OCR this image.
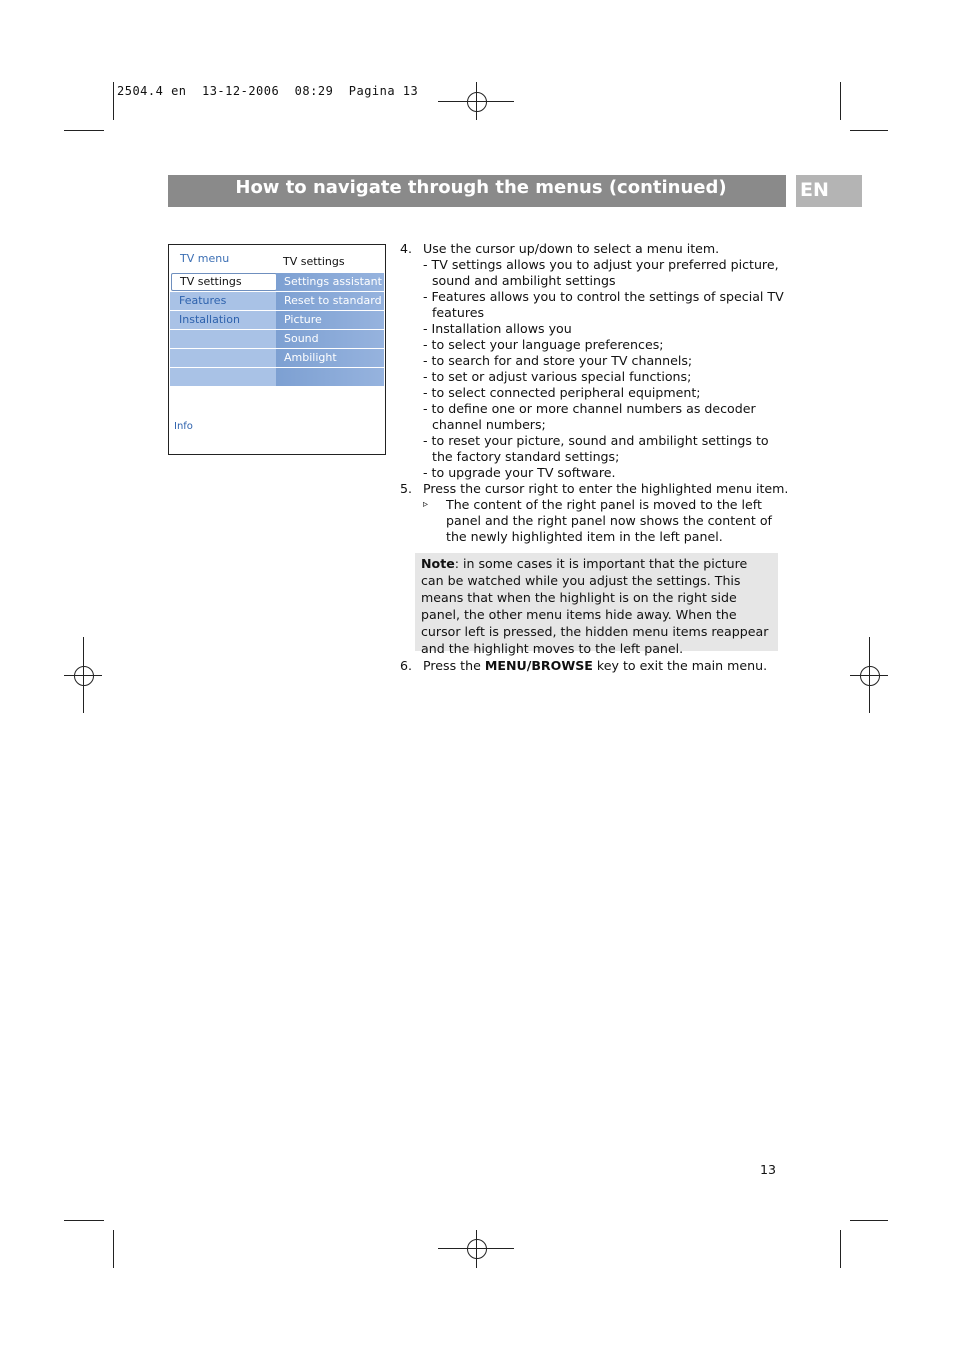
2504.4 en  13-12-2006  08:29  Pagina 13
How to navigate through the menus (continued)	EN
TV menu	TV settings
TV settings
Features
Installation
Settings assistant
Reset to standard
Picture
Sound
Ambilight
Info
4. Use the cursor up/down to select a menu item.
- TV settings allows you to adjust your preferred picture, sound and ambilight settings
- Features allows you to control the settings of special TV features
- Installation allows you
- to select your language preferences;
- to search for and store your TV channels;
- to set or adjust various special functions;
- to select connected peripheral equipment;
- to define one or more channel numbers as decoder channel numbers;
- to reset your picture, sound and ambilight settings to the factory standard settings;
- to upgrade your TV software.
5. Press the cursor right to enter the highlighted menu item.
▹ The content of the right panel is moved to the left panel and the right panel now shows the content of the newly highlighted item in the left panel.
Note: in some cases it is important that the picture can be watched while you adjust the settings. This means that when the highlight is on the right side panel, the other menu items hide away. When the cursor left is pressed, the hidden menu items reappear and the highlight moves to the left panel.
6. Press the MENU/BROWSE key to exit the main menu.
13
